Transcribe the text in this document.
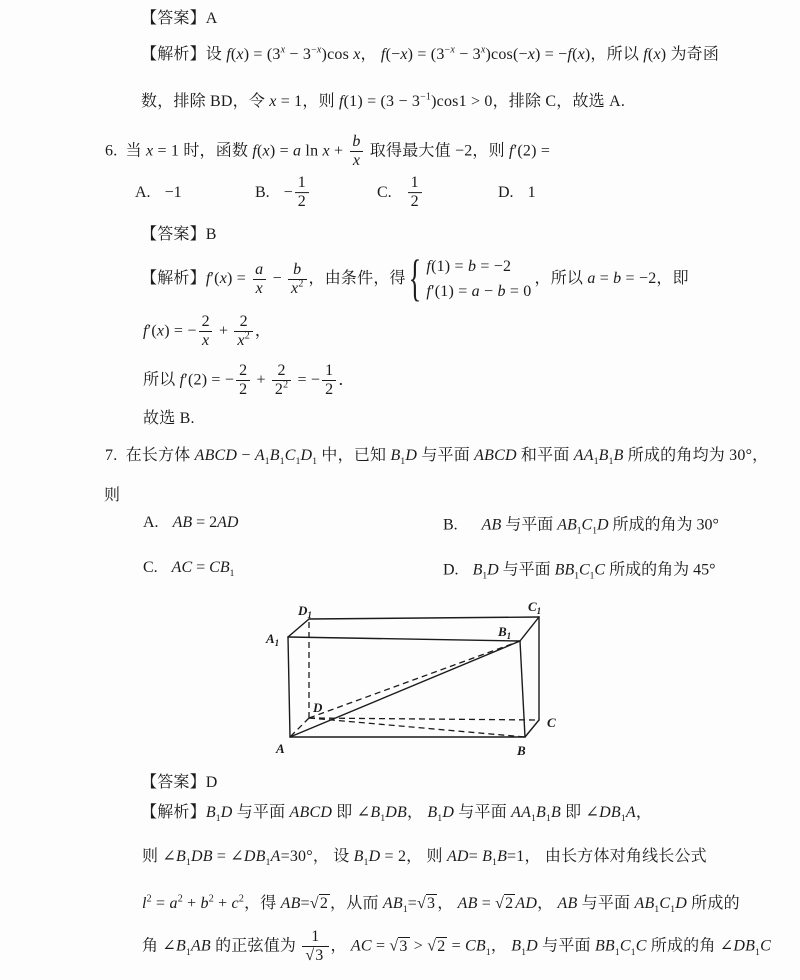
【答案】A
【解析】设 $f(x) = (3^x - 3^{-x})\cos$ x， $f(-x) = (3^{-x} - 3^x)\cos(-x) = -f(x)$，所以 f(x) 为奇函
数，排除 BD，令 x = 1，则 $f(1) = (3 - 3^{-1})\cos 1 > 0$，排除 C，故选 A.
6. 当 x = 1 时，函数 f(x) = a $\ln x + \frac{b}{x}$ 取得最大值 −2，则 f′(2) =
A. −1	B. − $\frac{1}{2}$	C. $\frac{1}{2}$	D. 1
【答案】B
【解析】$f'(x) = \frac{a}{x} - \frac{b}{x^2}$ ，由条件，得 { f(1) = b = −2
f′(1) = a − b = 0
，所以 a = b = −2，即
f′(x) = − $\frac{2}{x} + \frac{2}{x^2}$ ，
所以 f′(2) = − $\frac{2}{2} + \frac{2}{2^2}$ = − $\frac{1}{2}$ ．
故选 B.
7. 在长方体 ABCD − $A_1B_1C_1D_1$ 中，已知 $B_1D$ 与平面 ABCD 和平面 $AA_1B_1B$ 所成的角均为 30°，
则
A. AB = 2AD	B. AB 与平面 $AB_1C_1D$ 所成的角为 30°
C. AC = $CB_1$	D. $B_1D$ 与平面 $BB_1C_1C$ 所成的角为 45°
$D_1$
$C_1$
$A_1$
$B_1$
D
C
A	B
【答案】D
【解析】$B_1D$ 与平面 ABCD 即 $\angle B_1DB$， $B_1D$ 与平面 $AA_1B_1B$ 即 $\angle DB_1A$，
则 $\angle B_1DB$ = $\angle DB_1A=30^\circ$， 设 $B_1D = 2$， 则 $AD= B_1B=1$， 由长方体对角线长公式
$l^2 = a^2 + b^2 + c^2$，得 AB=√2 ，从而 $AB_1=√3$ ， AB = √2 AD， AB 与平面 $AB_1C_1D$ 所成的
角 $\angle B_1AB$ 的正弦值为 $\frac{1}{√3}$ ， AC = $√3 > √2 = CB_1$， $B_1D$ 与平面 $BB_1C_1C$ 所成的角 $\angle DB_1C$
